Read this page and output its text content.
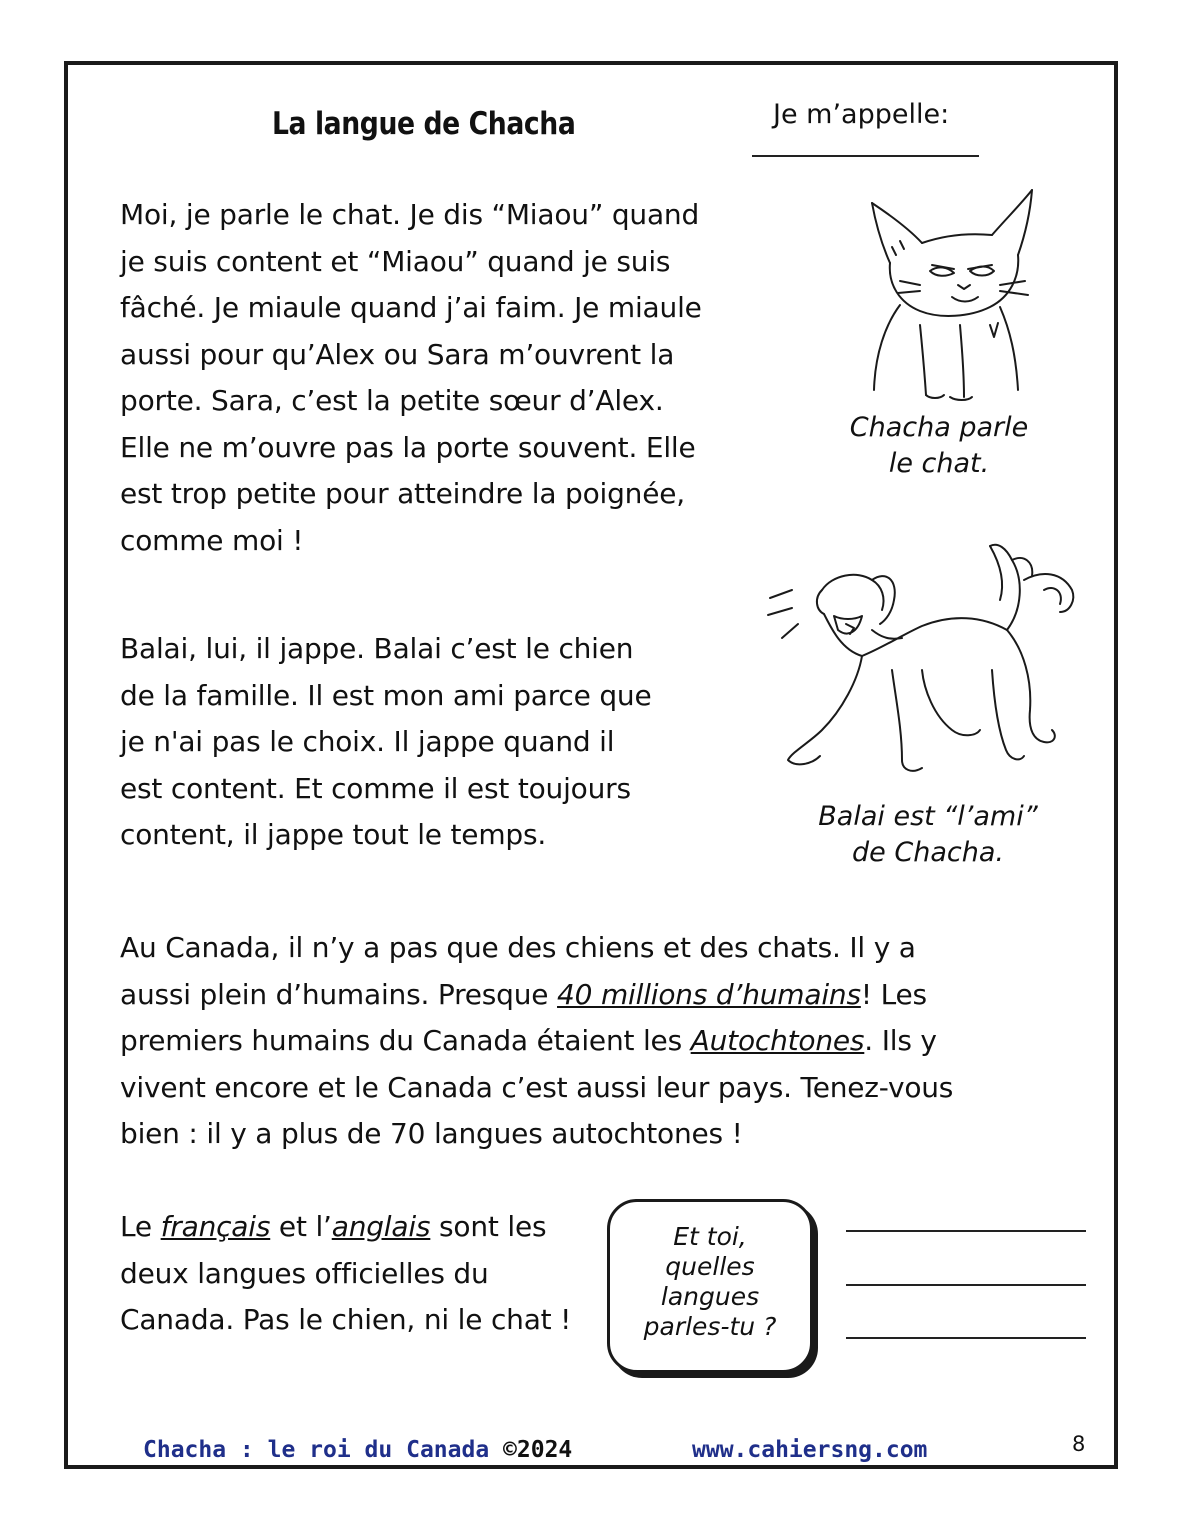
La langue de Chacha	Je m’appelle:
Moi, je parle le chat. Je dis “Miaou” quand
je suis content et “Miaou” quand je suis
fâché. Je miaule quand j’ai faim. Je miaule
aussi pour qu’Alex ou Sara m’ouvrent la
porte. Sara, c’est la petite sœur d’Alex.
Elle ne m’ouvre pas la porte souvent. Elle
est trop petite pour atteindre la poignée,
comme moi !
Chacha parle
le chat.
Balai, lui, il jappe. Balai c’est le chien
de la famille. Il est mon ami parce que
je n'ai pas le choix. Il jappe quand il
est content. Et comme il est toujours
content, il jappe tout le temps.
Balai est “l’ami”
de Chacha.
Au Canada, il n’y a pas que des chiens et des chats. Il y a
aussi plein d’humains. Presque 40 millions d’humains! Les
premiers humains du Canada étaient les Autochtones. Ils y
vivent encore et le Canada c’est aussi leur pays. Tenez-vous
bien : il y a plus de 70 langues autochtones !
Le français et l’anglais sont les
deux langues officielles du
Canada. Pas le chien, ni le chat !
Et toi,
quelles
langues
parles-tu ?
Chacha : le roi du Canada ©2024	www.cahiersng.com	8
